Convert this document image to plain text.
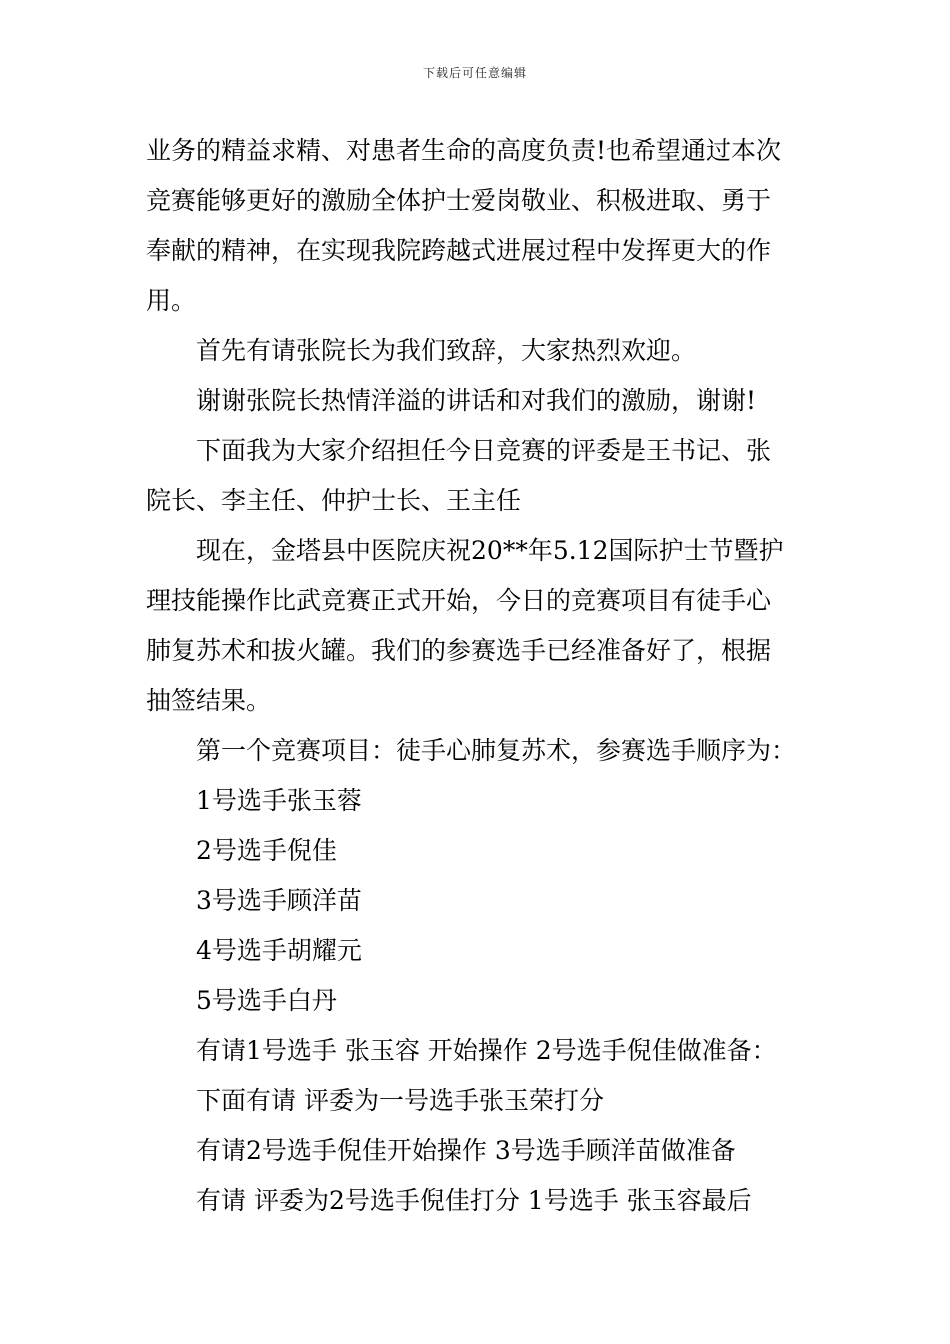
下载后可任意编辑

业务的精益求精、对患者生命的高度负责!也希望通过本次

竞赛能够更好的激励全体护士爱岗敬业、积极进取、勇于

奉献的精神，在实现我院跨越式进展过程中发挥更大的作

用。

首先有请张院长为我们致辞，大家热烈欢迎。

谢谢张院长热情洋溢的讲话和对我们的激励，谢谢!

下面我为大家介绍担任今日竞赛的评委是王书记、张

院长、李主任、仲护士长、王主任

现在，金塔县中医院庆祝20**年5.12国际护士节暨护

理技能操作比武竞赛正式开始，今日的竞赛项目有徒手心

肺复苏术和拔火罐。我们的参赛选手已经准备好了，根据

抽签结果。

第一个竞赛项目：徒手心肺复苏术，参赛选手顺序为：

1号选手张玉蓉

2号选手倪佳

3号选手顾洋苗

4号选手胡耀元

5号选手白丹

有请1号选手 张玉容 开始操作 2号选手倪佳做准备：

下面有请 评委为一号选手张玉荣打分

有请2号选手倪佳开始操作 3号选手顾洋苗做准备

有请 评委为2号选手倪佳打分 1号选手 张玉容最后
